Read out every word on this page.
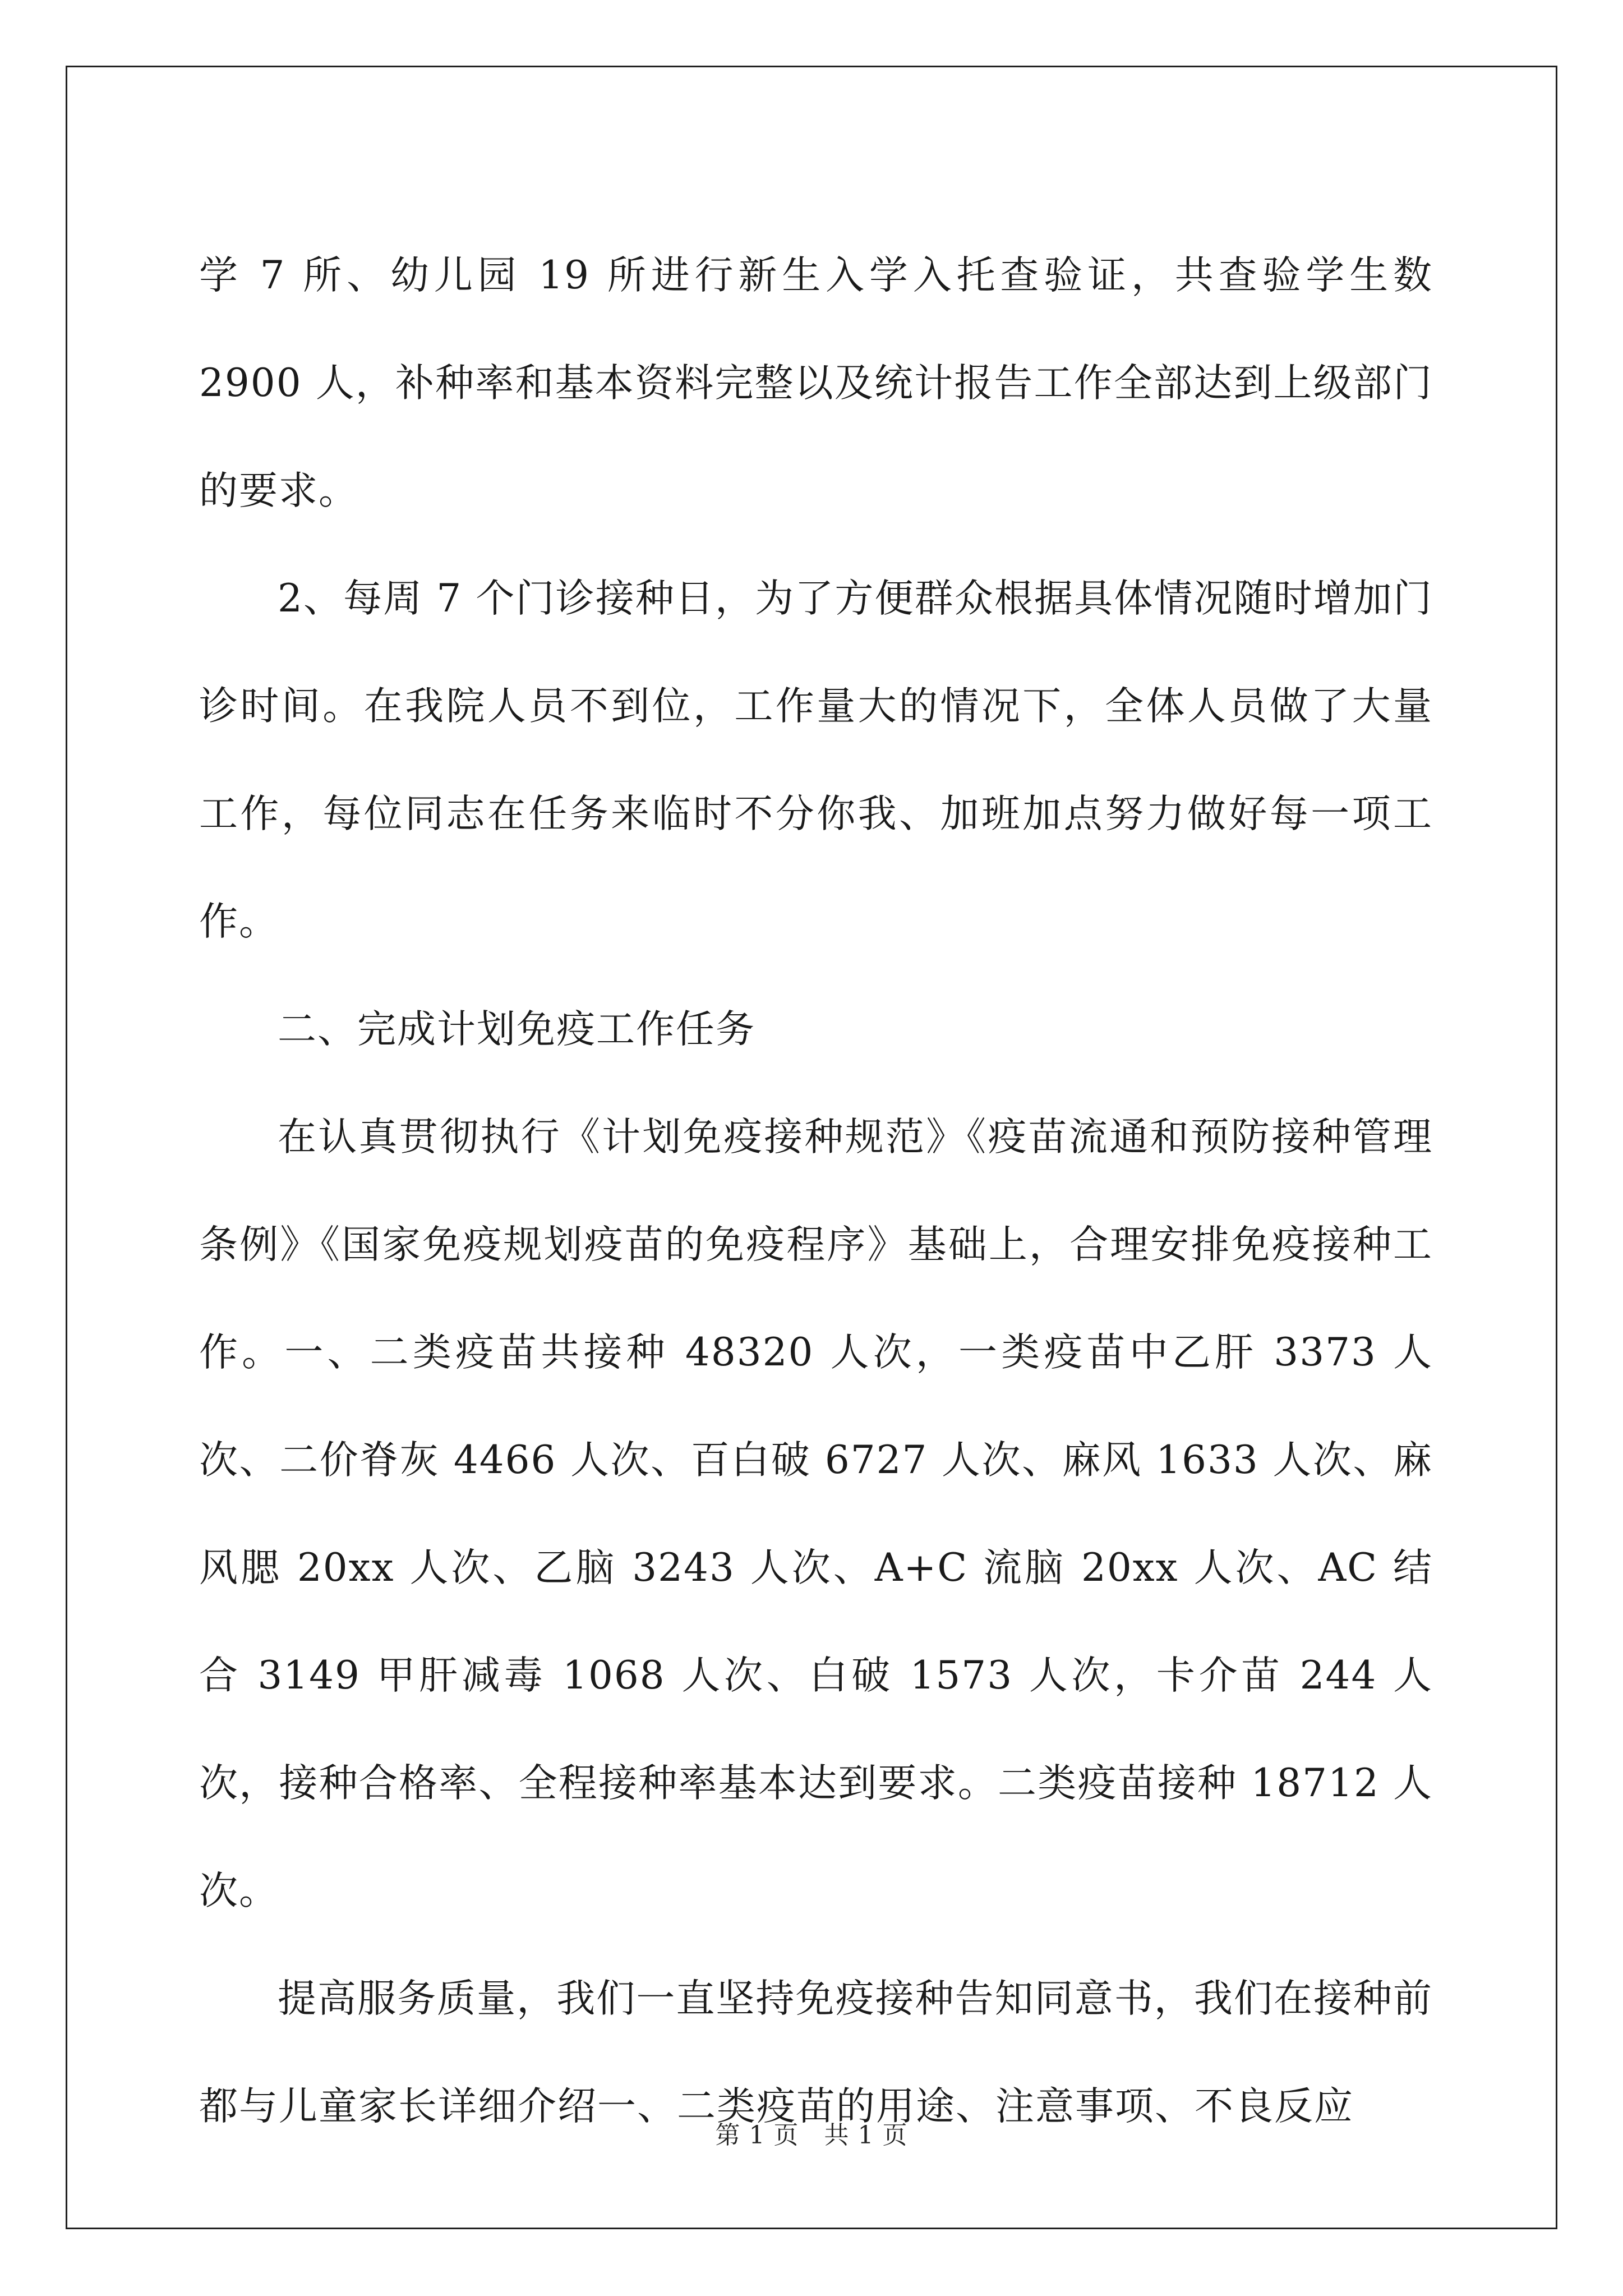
学 7 所、幼儿园 19 所进行新生入学入托查验证，共查验学生数 2900 人，补种率和基本资料完整以及统计报告工作全部达到上级部门的要求。

2、每周 7 个门诊接种日，为了方便群众根据具体情况随时增加门诊时间。在我院人员不到位，工作量大的情况下，全体人员做了大量工作，每位同志在任务来临时不分你我、加班加点努力做好每一项工作。

二、完成计划免疫工作任务

在认真贯彻执行《计划免疫接种规范》《疫苗流通和预防接种管理条例》《国家免疫规划疫苗的免疫程序》基础上，合理安排免疫接种工作。一、二类疫苗共接种 48320 人次，一类疫苗中乙肝 3373 人次、二价脊灰 4466 人次、百白破 6727 人次、麻风 1633 人次、麻风腮 20xx 人次、乙脑 3243 人次、A+C 流脑 20xx 人次、AC 结合 3149 甲肝减毒 1068 人次、白破 1573 人次，卡介苗 244 人次，接种合格率、全程接种率基本达到要求。二类疫苗接种 18712 人次。

提高服务质量，我们一直坚持免疫接种告知同意书，我们在接种前都与儿童家长详细介绍一、二类疫苗的用途、注意事项、不良反应

第 1 页 共 1 页
